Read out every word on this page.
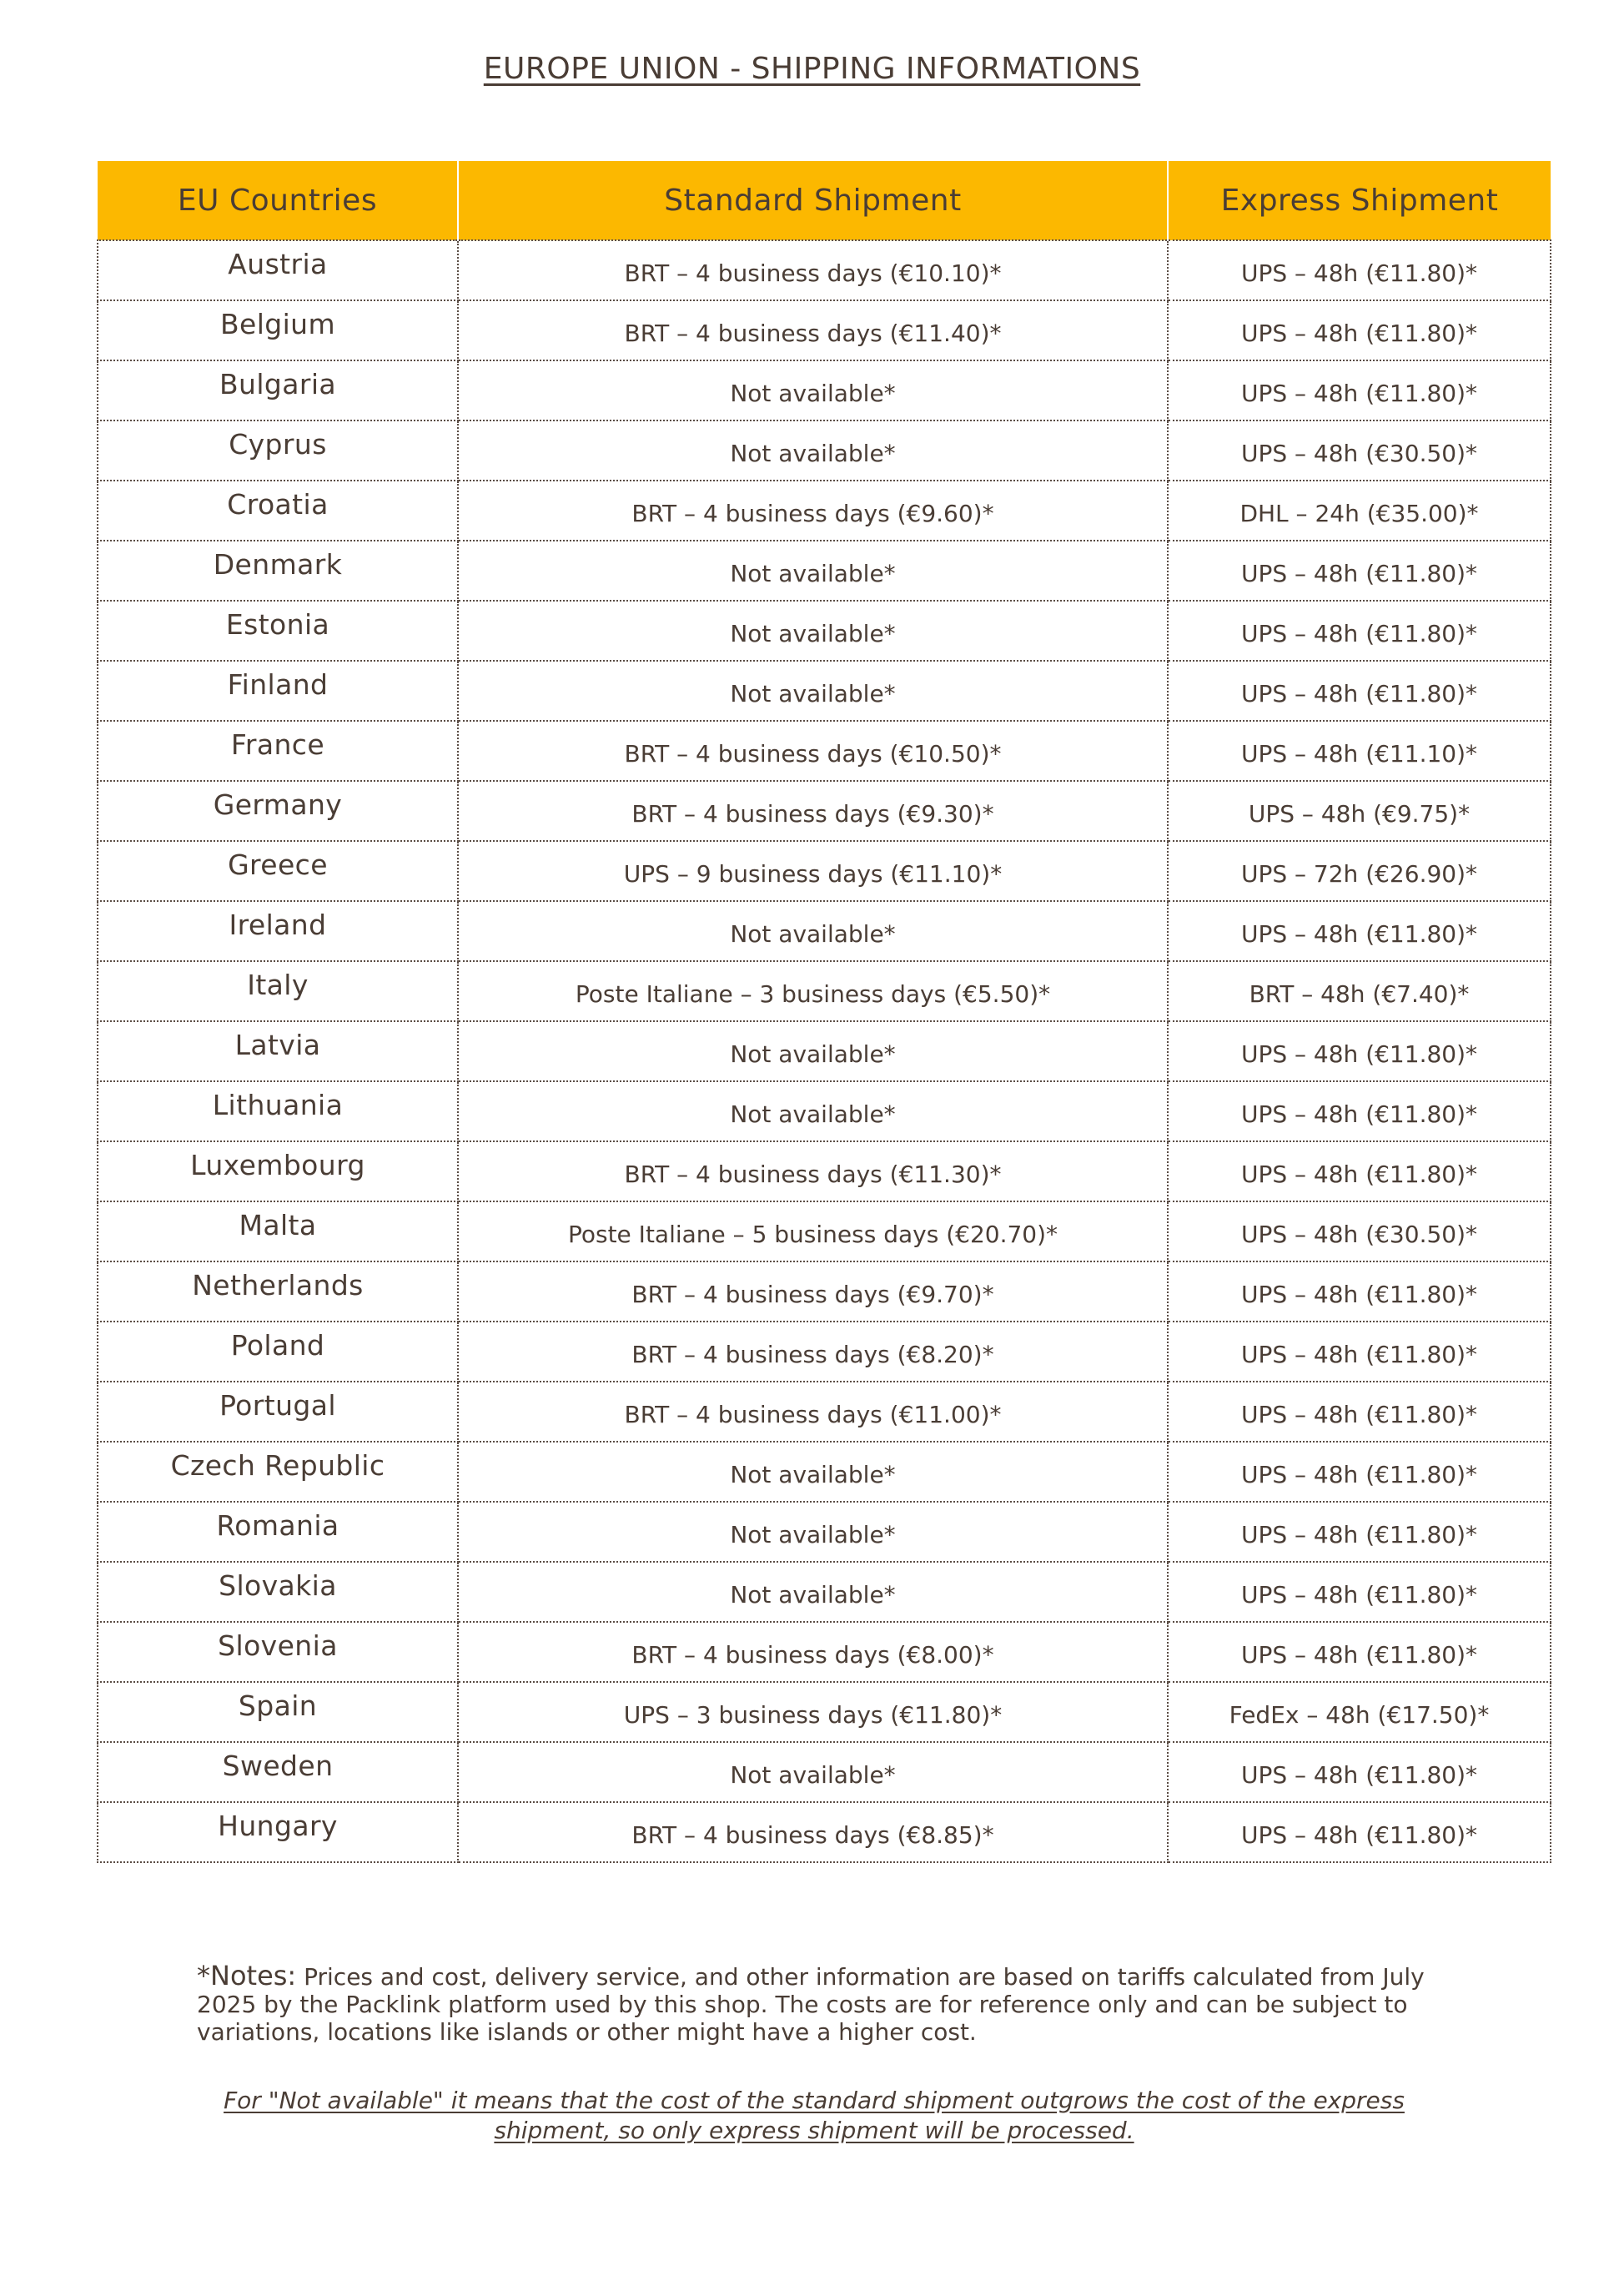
EUROPE UNION - SHIPPING INFORMATIONS
EU Countries	Standard Shipment	Express Shipment
Austria	BRT – 4 business days (€10.10)*	UPS – 48h (€11.80)*
Belgium	BRT – 4 business days (€11.40)*	UPS – 48h (€11.80)*
Bulgaria	Not available*	UPS – 48h (€11.80)*
Cyprus	Not available*	UPS – 48h (€30.50)*
Croatia	BRT – 4 business days (€9.60)*	DHL – 24h (€35.00)*
Denmark	Not available*	UPS – 48h (€11.80)*
Estonia	Not available*	UPS – 48h (€11.80)*
Finland	Not available*	UPS – 48h (€11.80)*
France	BRT – 4 business days (€10.50)*	UPS – 48h (€11.10)*
Germany	BRT – 4 business days (€9.30)*	UPS – 48h (€9.75)*
Greece	UPS – 9 business days (€11.10)*	UPS – 72h (€26.90)*
Ireland	Not available*	UPS – 48h (€11.80)*
Italy	Poste Italiane – 3 business days (€5.50)*	BRT – 48h (€7.40)*
Latvia	Not available*	UPS – 48h (€11.80)*
Lithuania	Not available*	UPS – 48h (€11.80)*
Luxembourg	BRT – 4 business days (€11.30)*	UPS – 48h (€11.80)*
Malta	Poste Italiane – 5 business days (€20.70)*	UPS – 48h (€30.50)*
Netherlands	BRT – 4 business days (€9.70)*	UPS – 48h (€11.80)*
Poland	BRT – 4 business days (€8.20)*	UPS – 48h (€11.80)*
Portugal	BRT – 4 business days (€11.00)*	UPS – 48h (€11.80)*
Czech Republic	Not available*	UPS – 48h (€11.80)*
Romania	Not available*	UPS – 48h (€11.80)*
Slovakia	Not available*	UPS – 48h (€11.80)*
Slovenia	BRT – 4 business days (€8.00)*	UPS – 48h (€11.80)*
Spain	UPS – 3 business days (€11.80)*	FedEx – 48h (€17.50)*
Sweden	Not available*	UPS – 48h (€11.80)*
Hungary	BRT – 4 business days (€8.85)*	UPS – 48h (€11.80)*
*Notes: Prices and cost, delivery service, and other information are based on tariffs calculated from July 2025 by the Packlink platform used by this shop. The costs are for reference only and can be subject to variations, locations like islands or other might have a higher cost.
For "Not available" it means that the cost of the standard shipment outgrows the cost of the express shipment, so only express shipment will be processed.
